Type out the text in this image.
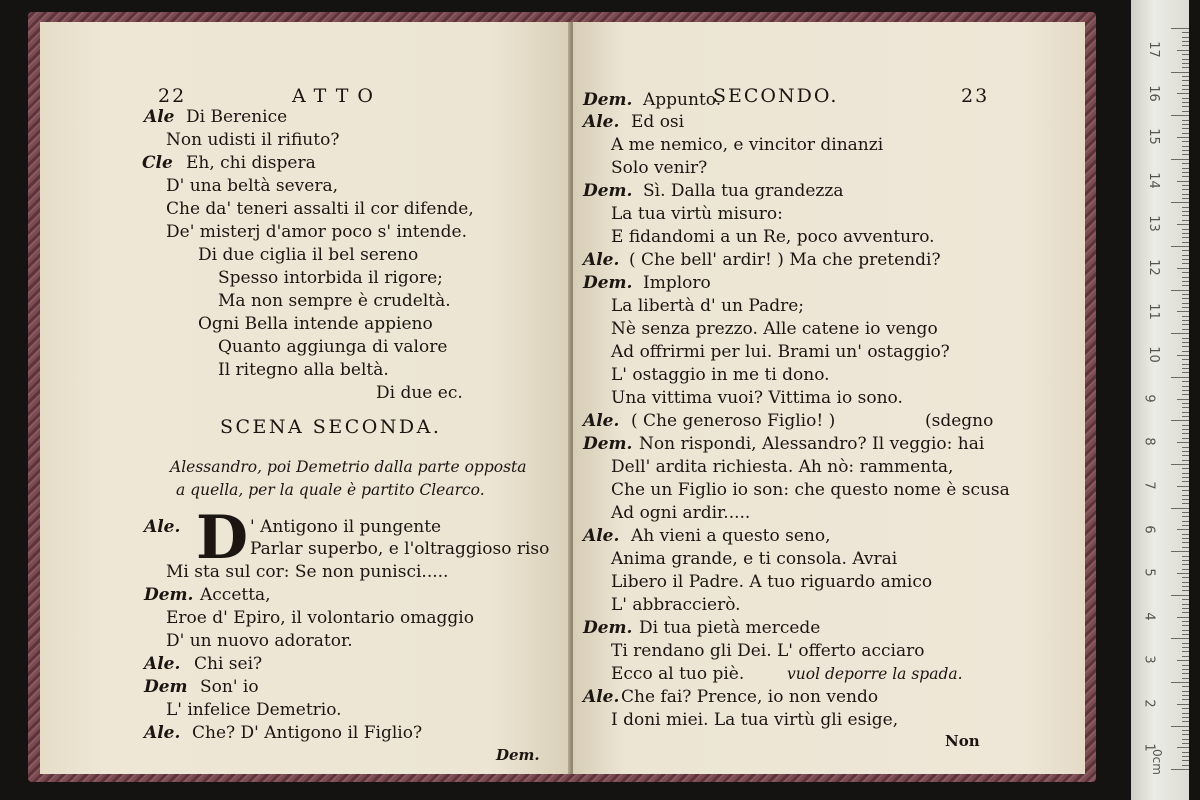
22	ATTO
Ale Di Berenice
Non udisti il rifiuto?
Cle Eh, chi dispera
D' una beltà severa,
Che da' teneri assalti il cor difende,
De' misterj d'amor poco s' intende.
Di due ciglia il bel sereno
Spesso intorbida il rigore;
Ma non sempre è crudeltà.
Ogni Bella intende appieno
Quanto aggiunga di valore
Il ritegno alla beltà.
Di due ec.
SCENA SECONDA.
Alessandro, poi Demetrio dalla parte opposta
a quella, per la quale è partito Clearco.
D
Ale.	' Antigono il pungente
Parlar superbo, e l'oltraggioso riso
Mi sta sul cor: Se non punisci.....
Dem. Accetta,
Eroe d' Epiro, il volontario omaggio
D' un nuovo adorator.
Ale. Chi sei?
Dem Son' io
L' infelice Demetrio.
Ale. Che? D' Antigono il Figlio?
Dem.
SECONDO.	23
Dem. Appunto.
Ale. Ed osi
A me nemico, e vincitor dinanzi
Solo venir?
Dem. Sì. Dalla tua grandezza
La tua virtù misuro:
E fidandomi a un Re, poco avventuro.
Ale. ( Che bell' ardir! ) Ma che pretendi?
Dem. Imploro
La libertà d' un Padre;
Nè senza prezzo. Alle catene io vengo
Ad offrirmi per lui. Brami un' ostaggio?
L' ostaggio in me ti dono.
Una vittima vuoi? Vittima io sono.
Ale. ( Che generoso Figlio! )	(sdegno
Dem. Non rispondi, Alessandro? Il veggio: hai
Dell' ardita richiesta. Ah nò: rammenta,
Che un Figlio io son: che questo nome è scusa
Ad ogni ardir.....
Ale. Ah vieni a questo seno,
Anima grande, e ti consola. Avrai
Libero il Padre. A tuo riguardo amico
L' abbraccierò.
Dem. Di tua pietà mercede
Ti rendano gli Dei. L' offerto acciaro
Ecco al tuo piè.	vuol deporre la spada.
Ale.Che fai? Prence, io non vendo
I doni miei. La tua virtù gli esige,
Non
17
16
15
14
13
12
11
10
9
8
7
6
5
4
3
2
1
0cm
